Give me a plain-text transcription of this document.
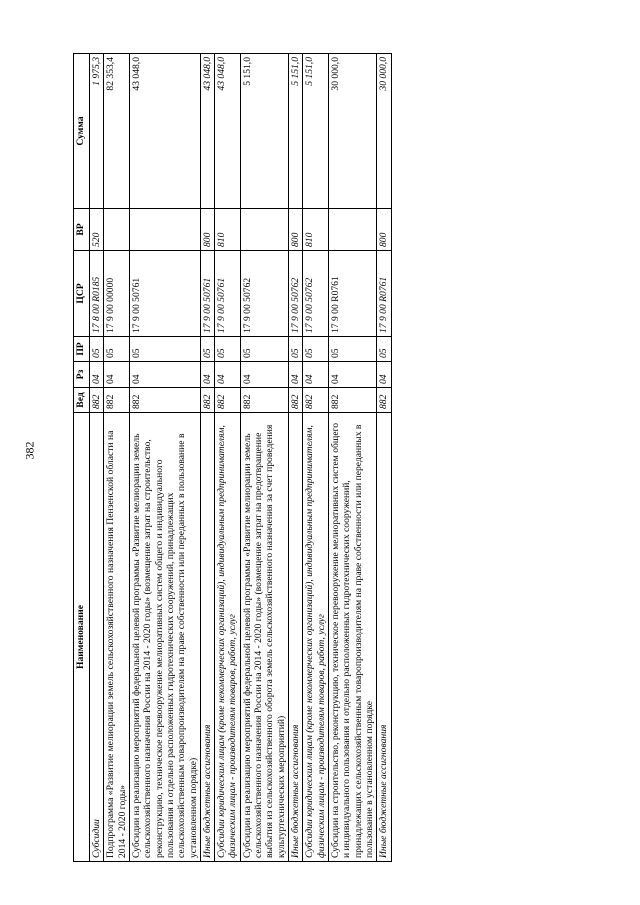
382
Наименование	Вед	Рз	ПР	ЦСР	ВР	Сумма
Субсидии	882	04	05	17 8 00 R0185	520	1 975,3
Подпрограмма «Развитие мелиорации земель сельскохозяйственного назначения Пензенской области на 2014 - 2020 годы»	882	04	05	17 9 00 00000		82 353,4
Субсидии на реализацию мероприятий федеральной целевой программы «Развитие мелиорации земель сельскохозяйственного назначения России на 2014 - 2020 годы» (возмещение затрат на строительство, реконструкцию, техническое перевооружение мелиоративных систем общего и индивидуального пользования и отдельно расположенных гидротехнических сооружений, принадлежащих сельскохозяйственным товаропроизводителям на праве собственности или переданных в пользование в установленном порядке)	882	04	05	17 9 00 50761		43 048,0
Иные бюджетные ассигнования	882	04	05	17 9 00 50761	800	43 048,0
Субсидии юридическим лицам (кроме некоммерческих организаций), индивидуальным предпринимателям, физическим лицам - производителям товаров, работ, услуг	882	04	05	17 9 00 50761	810	43 048,0
Субсидии на реализацию мероприятий федеральной целевой программы «Развитие мелиорации земель сельскохозяйственного назначения России на 2014 - 2020 годы» (возмещение затрат на предотвращение выбытия из сельскохозяйственного оборота земель сельскохозяйственного назначения за счет проведения культуртехнических мероприятий)	882	04	05	17 9 00 50762		5 151,0
Иные бюджетные ассигнования	882	04	05	17 9 00 50762	800	5 151,0
Субсидии юридическим лицам (кроме некоммерческих организаций), индивидуальным предпринимателям, физическим лицам - производителям товаров, работ, услуг	882	04	05	17 9 00 50762	810	5 151,0
Субсидии на строительство, реконструкцию, техническое перевооружение мелиоративных систем общего и индивидуального пользования и отдельно расположенных гидротехнических сооружений, принадлежащих сельскохозяйственным товаропроизводителям на праве собственности или переданных в пользование в установленном порядке	882	04	05	17 9 00 R0761		30 000,0
Иные бюджетные ассигнования	882	04	05	17 9 00 R0761	800	30 000,0
